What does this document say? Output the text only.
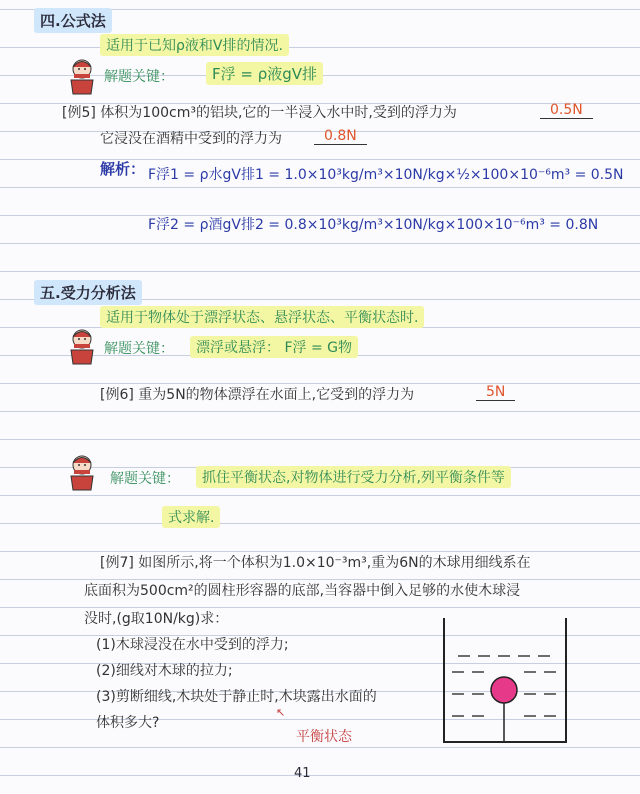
四.公式法
适用于已知ρ液和V排的情况.
解题关键：	F浮 = ρ液gV排
[例5] 体积为100cm³的铝块,它的一半浸入水中时,受到的浮力为	0.5N
它浸没在酒精中受到的浮力为	0.8N
解析： F浮1 = ρ水gV排1 = 1.0×10³kg/m³×10N/kg×½×100×10⁻⁶m³ = 0.5N
F浮2 = ρ酒gV排2 = 0.8×10³kg/m³×10N/kg×100×10⁻⁶m³ = 0.8N
五.受力分析法
适用于物体处于漂浮状态、悬浮状态、平衡状态时.
解题关键：	漂浮或悬浮： F浮 = G物
[例6] 重为5N的物体漂浮在水面上,它受到的浮力为	5N
解题关键：	抓住平衡状态,对物体进行受力分析,列平衡条件等
式求解.
[例7] 如图所示,将一个体积为1.0×10⁻³m³,重为6N的木球用细线系在
底面积为500cm²的圆柱形容器的底部,当容器中倒入足够的水使木球浸
没时,(g取10N/kg)求：
(1)木球浸没在水中受到的浮力;
(2)细线对木球的拉力;
(3)剪断细线,木块处于静止时,木块露出水面的
体积多大?
↖
平衡状态
41
